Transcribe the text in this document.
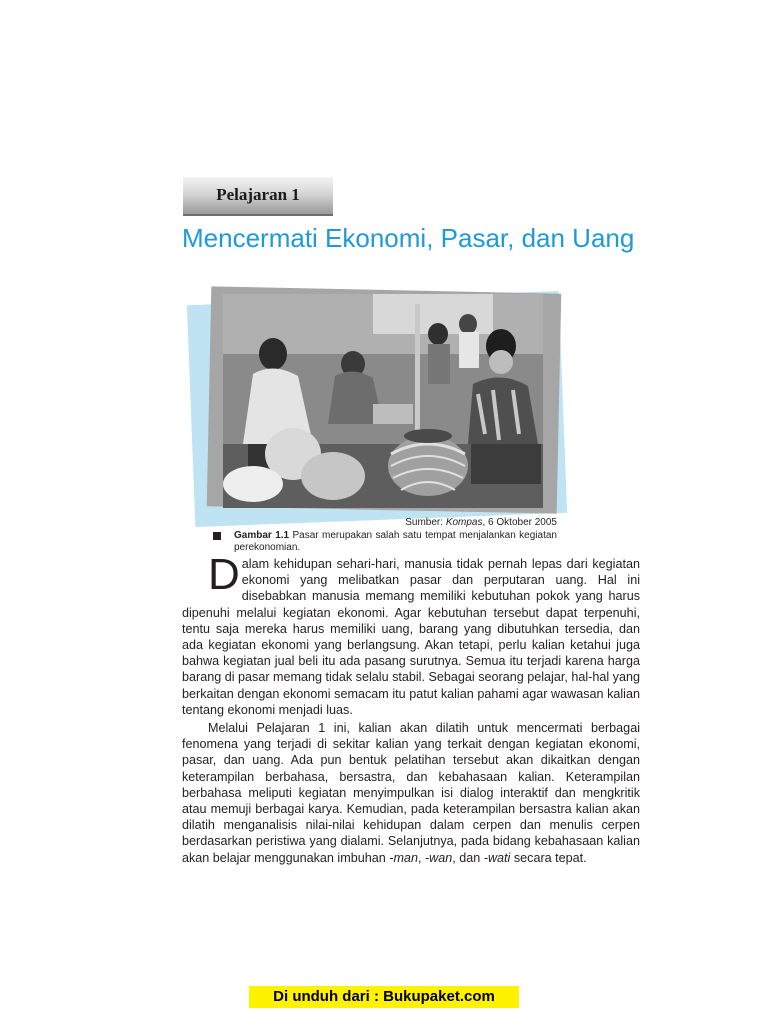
Pelajaran 1
Mencermati Ekonomi, Pasar, dan Uang
Sumber: Kompas, 6 Oktober 2005
Gambar 1.1 Pasar merupakan salah satu tempat menjalankan kegiatan perekonomian.

Dalam kehidupan sehari-hari, manusia tidak pernah lepas dari kegiatan ekonomi yang melibatkan pasar dan perputaran uang. Hal ini disebabkan manusia memang memiliki kebutuhan pokok yang harus dipenuhi melalui kegiatan ekonomi. Agar kebutuhan tersebut dapat terpenuhi, tentu saja mereka harus memiliki uang, barang yang dibutuhkan tersedia, dan ada kegiatan ekonomi yang berlangsung. Akan tetapi, perlu kalian ketahui juga bahwa kegiatan jual beli itu ada pasang surutnya. Semua itu terjadi karena harga barang di pasar memang tidak selalu stabil. Sebagai seorang pelajar, hal-hal yang berkaitan dengan ekonomi semacam itu patut kalian pahami agar wawasan kalian tentang ekonomi menjadi luas.

Melalui Pelajaran 1 ini, kalian akan dilatih untuk mencermati berbagai fenomena yang terjadi di sekitar kalian yang terkait dengan kegiatan ekonomi, pasar, dan uang. Ada pun bentuk pelatihan tersebut akan dikaitkan dengan keterampilan berbahasa, bersastra, dan kebahasaan kalian. Keterampilan berbahasa meliputi kegiatan menyimpulkan isi dialog interaktif dan mengkritik atau memuji berbagai karya. Kemudian, pada keterampilan bersastra kalian akan dilatih menganalisis nilai-nilai kehidupan dalam cerpen dan menulis cerpen berdasarkan peristiwa yang dialami. Selanjutnya, pada bidang kebahasaan kalian akan belajar menggunakan imbuhan -man, -wan, dan -wati secara tepat.

Di unduh dari : Bukupaket.com
